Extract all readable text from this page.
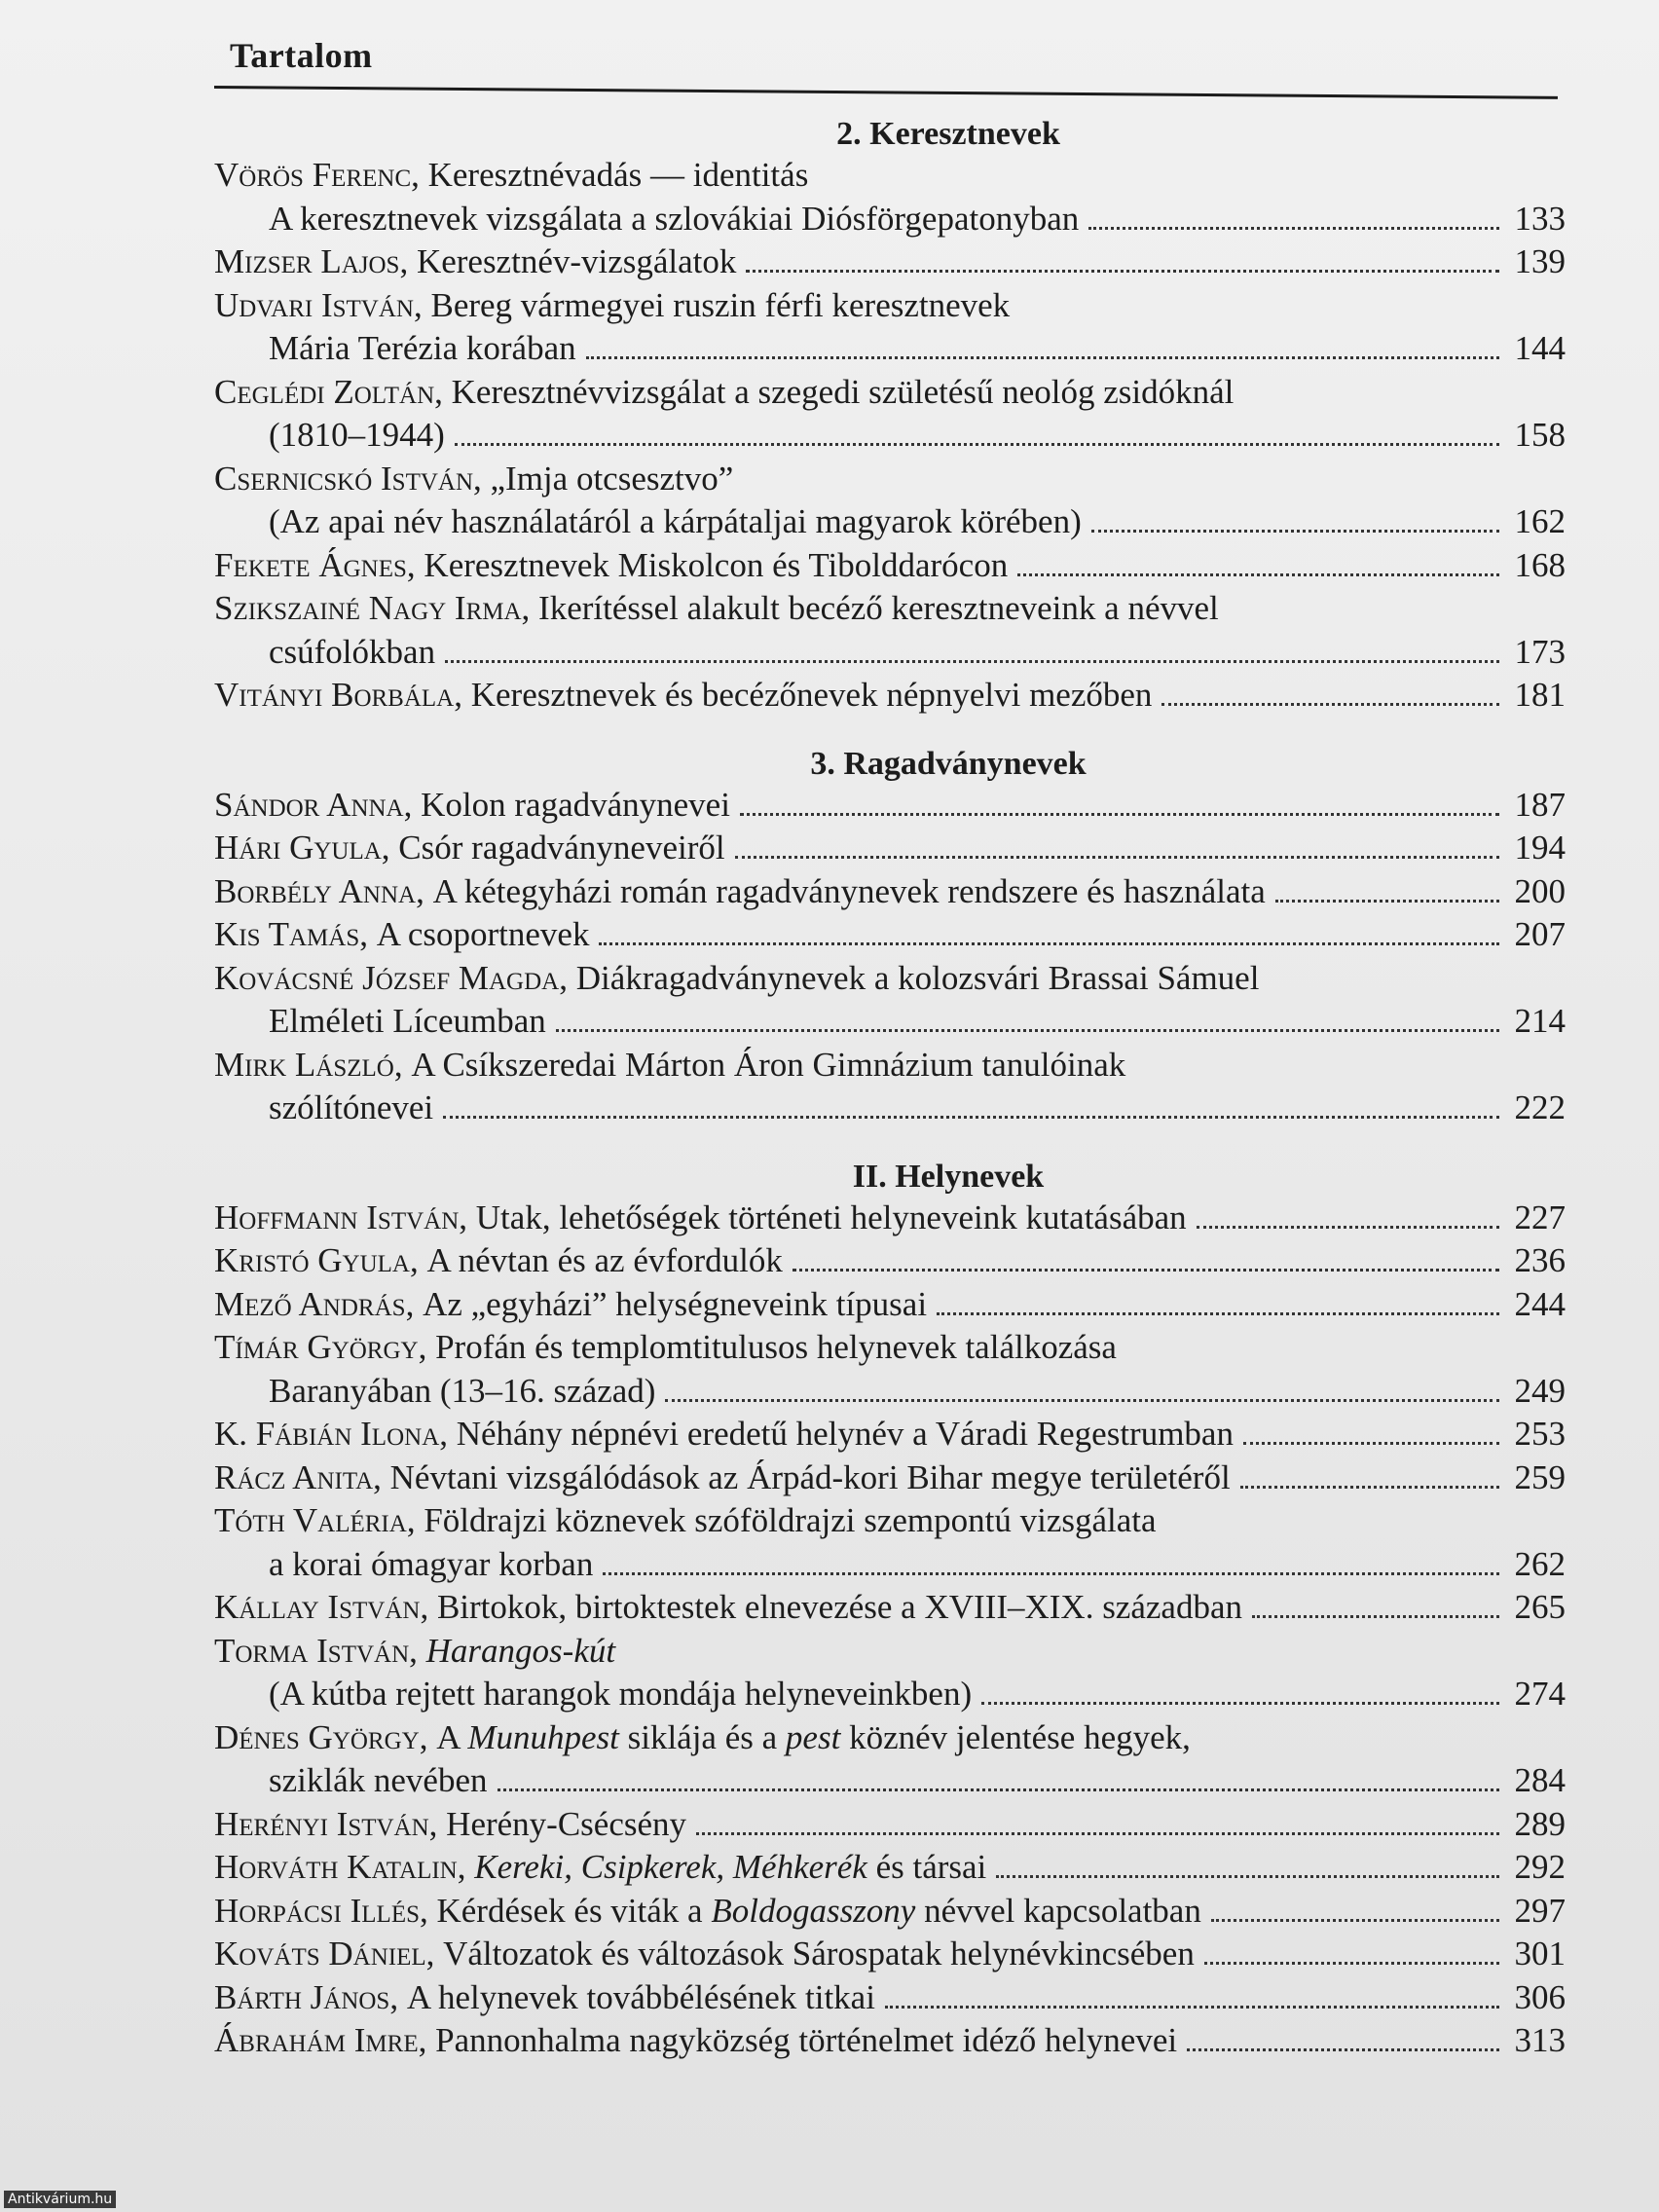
Tartalom
2. Keresztnevek
Vörös Ferenc , Keresztnévadás — identitás
A keresztnevek vizsgálata a szlovákiai Diósförgepatonyban	133
Mizser Lajos , Keresztnév-vizsgálatok	139
Udvari István , Bereg vármegyei ruszin férfi keresztnevek
Mária Terézia korában	144
Ceglédi Zoltán , Keresztnévvizsgálat a szegedi születésű neológ zsidóknál
(1810–1944)	158
Csernicskó István , „Imja otcsesztvo”
(Az apai név használatáról a kárpátaljai magyarok körében)	162
Fekete Ágnes , Keresztnevek Miskolcon és Tibolddarócon	168
Szikszainé Nagy Irma , Ikerítéssel alakult becéző keresztneveink a névvel
csúfolókban	173
Vitányi Borbála , Keresztnevek és becézőnevek népnyelvi mezőben	181
3. Ragadványnevek
Sándor Anna , Kolon ragadványnevei	187
Hári Gyula , Csór ragadványneveiről	194
Borbély Anna , A kétegyházi román ragadványnevek rendszere és használata	200
Kis Tamás , A csoportnevek	207
Kovácsné József Magda , Diákragadványnevek a kolozsvári Brassai Sámuel
Elméleti Líceumban	214
Mirk László , A Csíkszeredai Márton Áron Gimnázium tanulóinak
szólítónevei	222
II. Helynevek
Hoffmann István , Utak, lehetőségek történeti helyneveink kutatásában	227
Kristó Gyula , A névtan és az évfordulók	236
Mező András , Az „egyházi” helységneveink típusai	244
Tímár György , Profán és templomtitulusos helynevek találkozása
Baranyában (13–16. század)	249
K. Fábián Ilona , Néhány népnévi eredetű helynév a Váradi Regestrumban	253
Rácz Anita , Névtani vizsgálódások az Árpád-kori Bihar megye területéről	259
Tóth Valéria , Földrajzi köznevek szóföldrajzi szempontú vizsgálata
a korai ómagyar korban	262
Kállay István , Birtokok, birtoktestek elnevezése a XVIII–XIX. században	265
Torma István , Harangos-kút
(A kútba rejtett harangok mondája helyneveinkben)	274
Dénes György , A Munuhpest siklája és a pest köznév jelentése hegyek,
sziklák nevében	284
Herényi István , Herény-Csécsény	289
Horváth Katalin , Kereki, Csipkerek, Méhkerék és társai	292
Horpácsi Illés , Kérdések és viták a Boldogasszony névvel kapcsolatban	297
Kováts Dániel , Változatok és változások Sárospatak helynévkincsében	301
Bárth János , A helynevek továbbélésének titkai	306
Ábrahám Imre , Pannonhalma nagyközség történelmet idéző helynevei	313
Antikvárium.hu
